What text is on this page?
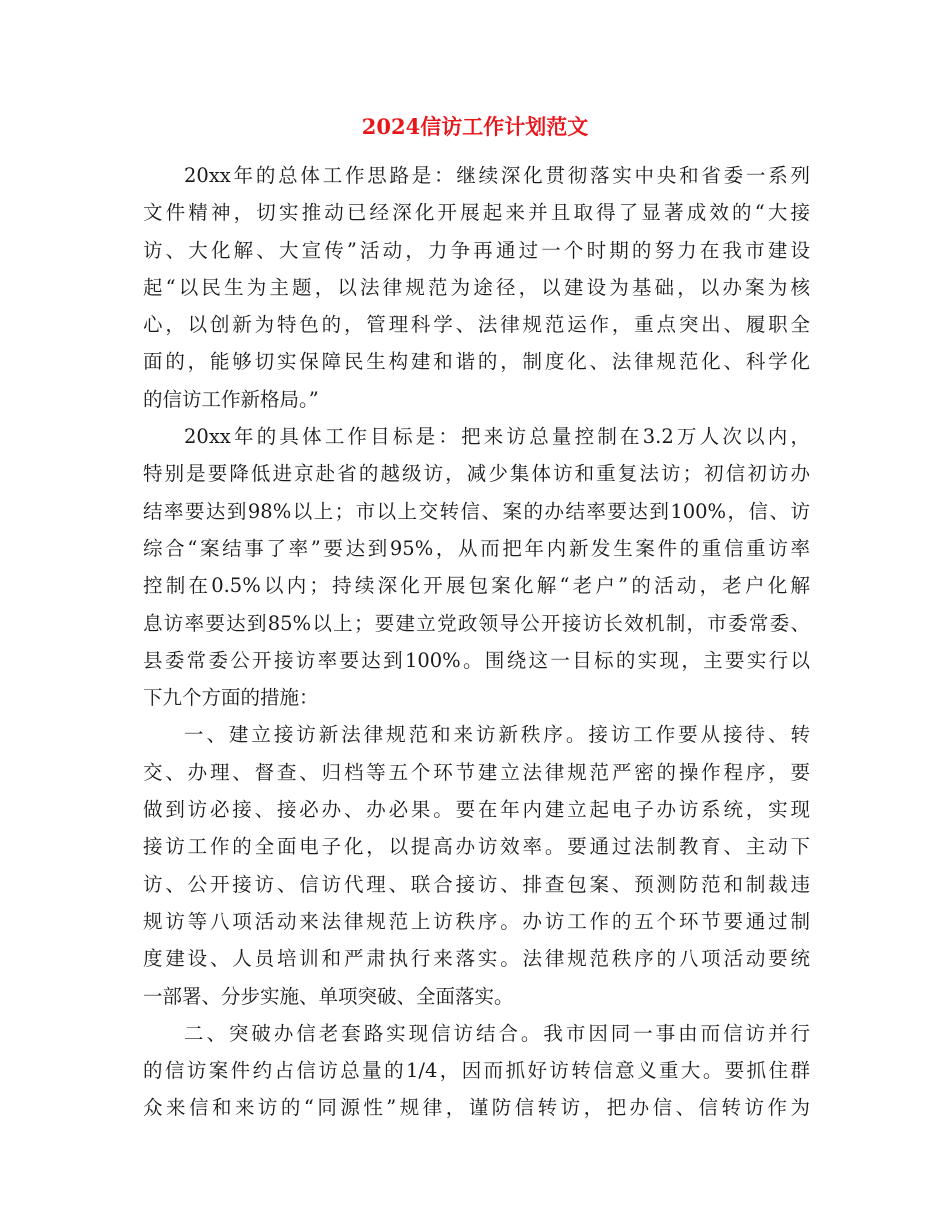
2024信访工作计划范文
20xx年的总体工作思路是：继续深化贯彻落实中央和省委一系列
文件精神，切实推动已经深化开展起来并且取得了显著成效的“大接
访、大化解、大宣传”活动，力争再通过一个时期的努力在我市建设
起“以民生为主题，以法律规范为途径，以建设为基础，以办案为核
心，以创新为特色的，管理科学、法律规范运作，重点突出、履职全
面的，能够切实保障民生构建和谐的，制度化、法律规范化、科学化
的信访工作新格局。”
20xx年的具体工作目标是：把来访总量控制在3.2万人次以内，
特别是要降低进京赴省的越级访，减少集体访和重复法访；初信初访办
结率要达到98%以上；市以上交转信、案的办结率要达到100%，信、访
综合“案结事了率”要达到95%，从而把年内新发生案件的重信重访率
控制在0.5%以内；持续深化开展包案化解“老户”的活动，老户化解
息访率要达到85%以上；要建立党政领导公开接访长效机制，市委常委、
县委常委公开接访率要达到100%。围绕这一目标的实现，主要实行以
下九个方面的措施：
一、建立接访新法律规范和来访新秩序。接访工作要从接待、转
交、办理、督查、归档等五个环节建立法律规范严密的操作程序，要
做到访必接、接必办、办必果。要在年内建立起电子办访系统，实现
接访工作的全面电子化，以提高办访效率。要通过法制教育、主动下
访、公开接访、信访代理、联合接访、排查包案、预测防范和制裁违
规访等八项活动来法律规范上访秩序。办访工作的五个环节要通过制
度建设、人员培训和严肃执行来落实。法律规范秩序的八项活动要统
一部署、分步实施、单项突破、全面落实。
二、突破办信老套路实现信访结合。我市因同一事由而信访并行
的信访案件约占信访总量的1/4，因而抓好访转信意义重大。要抓住群
众来信和来访的“同源性”规律，谨防信转访，把办信、信转访作为
